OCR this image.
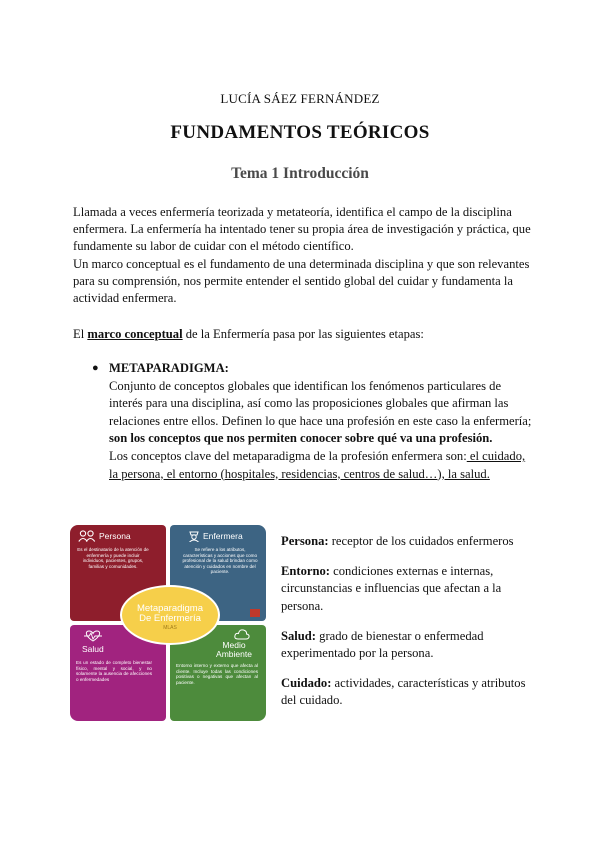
LUCÍA SÁEZ FERNÁNDEZ
FUNDAMENTOS TEÓRICOS
Tema 1 Introducción

Llamada a veces enfermería teorizada y metateoría, identifica el campo de la disciplina enfermera. La enfermería ha intentado tener su propia área de investigación y práctica, que fundamente su labor de cuidar con el método científico.
Un marco conceptual es el fundamento de una determinada disciplina y que son relevantes para su comprensión, nos permite entender el sentido global del cuidar y fundamenta la actividad enfermera.

El marco conceptual de la Enfermería pasa por las siguientes etapas:

● METAPARADIGMA:
Conjunto de conceptos globales que identifican los fenómenos particulares de interés para una disciplina, así como las proposiciones globales que afirman las relaciones entre ellos. Definen lo que hace una profesión en este caso la enfermería; son los conceptos que nos permiten conocer sobre qué va una profesión.
Los conceptos clave del metaparadigma de la profesión enfermera son: el cuidado, la persona, el entorno (hospitales, residencias, centros de salud…), la salud.
Persona
Es el destinatario de la atención de enfermería y puede incluir individuos, pacientes, grupos, familias y comunidades.
Enfermera
Se refiere a los atributos, características y acciones que como profesional de la salud brindan como atención y cuidados en nombre del paciente.
Salud
Es un estado de completo bienestar físico, mental y social, y no solamente la ausencia de afecciones o enfermedades
Medio Ambiente
Entorno interno y externo que afecta al cliente. Incluye todas las condiciones positivas o negativas que afectan al paciente.
Metaparadigma
De Enfermería
MLAS

Persona: receptor de los cuidados enfermeros

Entorno: condiciones externas e internas, circunstancias e influencias que afectan a la persona.

Salud: grado de bienestar o enfermedad experimentado por la persona.

Cuidado: actividades, características y atributos del cuidado.
